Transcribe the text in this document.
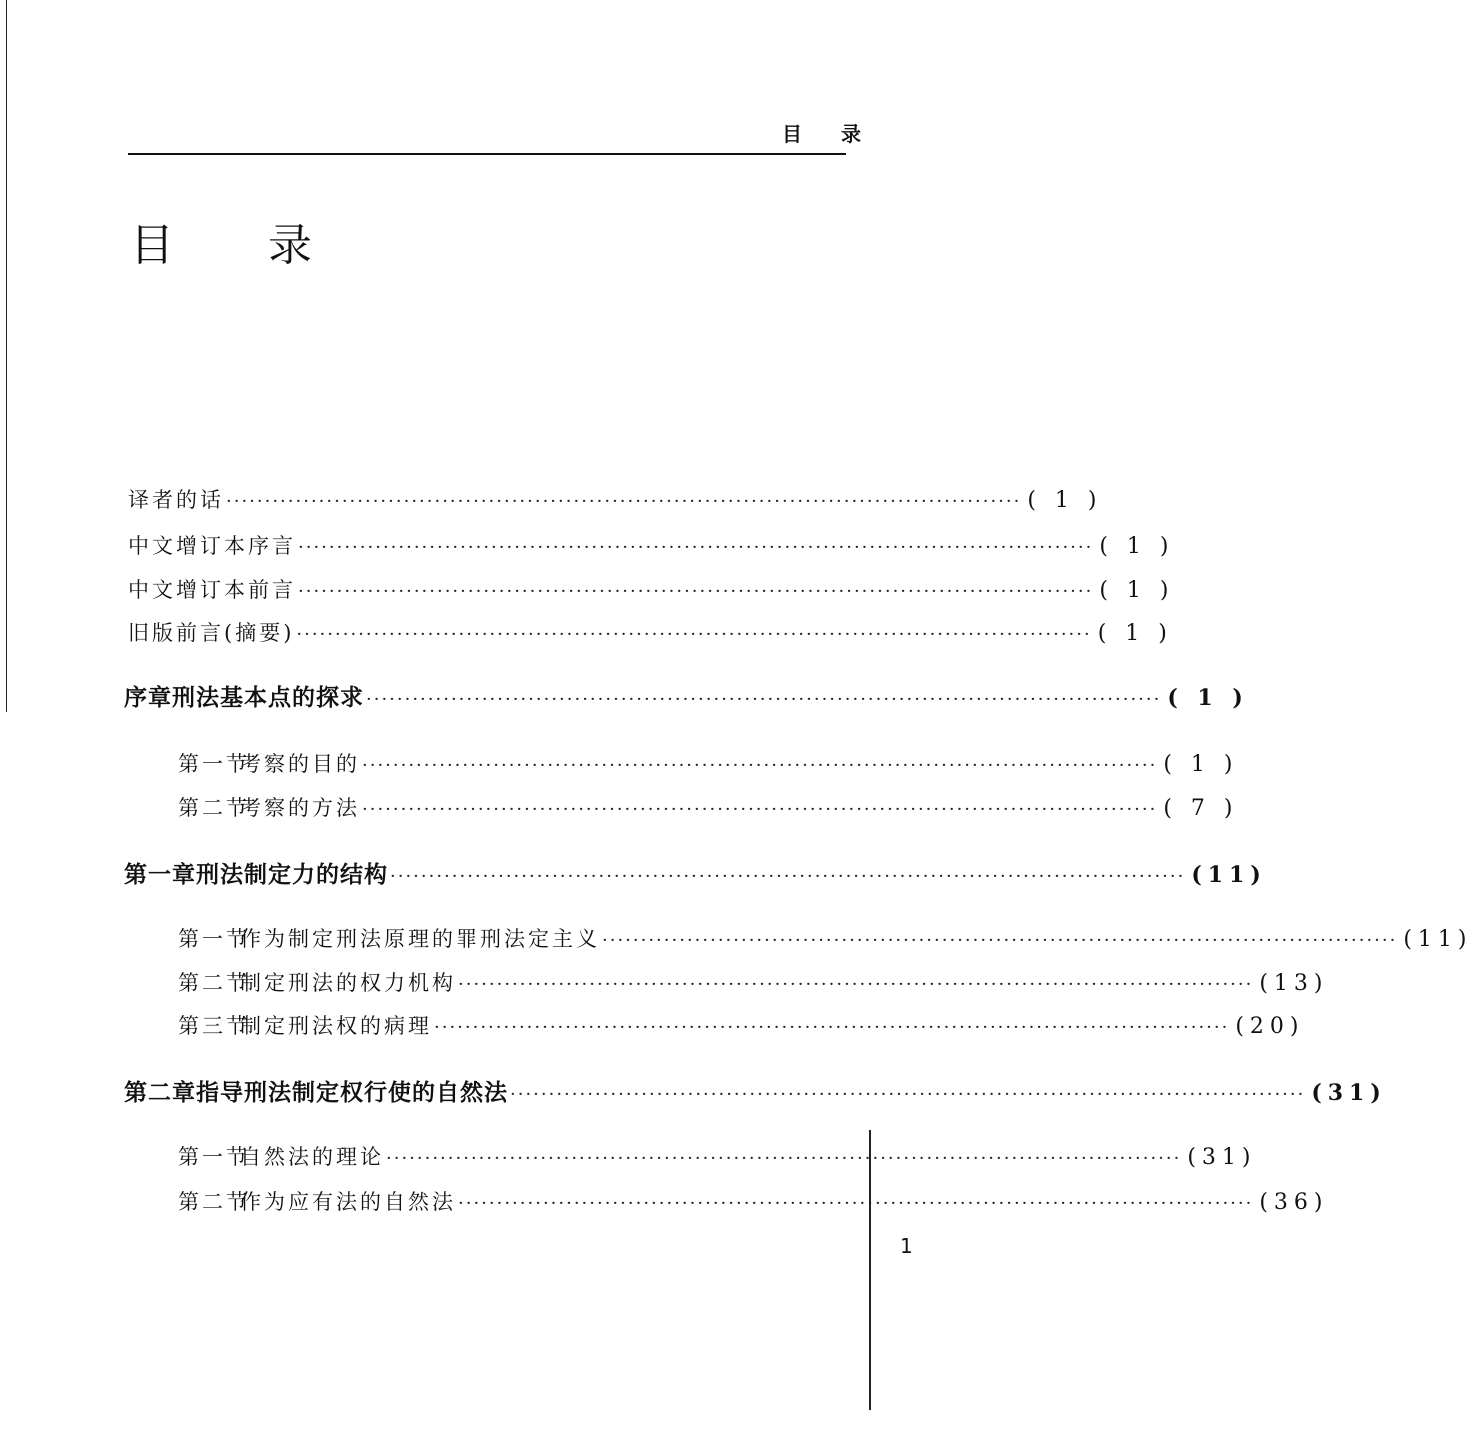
目 录
目 录
译者的话 ······································································································· ( 1 )
中文增订本序言 ······································································································· ( 1 )
中文增订本前言 ······································································································· ( 1 )
旧版前言(摘要) ······································································································· ( 1 )
序章 刑法基本点的探求 ······································································································· ( 1 )
第一节
考察的目的 ······································································································· ( 1 )
第二节
考察的方法 ······································································································· ( 7 )
第一章 刑法制定力的结构 ······································································································· (11)
第一节
作为制定刑法原理的罪刑法定主义 ······································································································· (11)
第二节
制定刑法的权力机构 ······································································································· (13)
第三节
制定刑法权的病理 ······································································································· (20)
第二章 指导刑法制定权行使的自然法 ······································································································· (31)
第一节
自然法的理论 ······································································································· (31)
第二节
作为应有法的自然法 ······································································································· (36)
1
